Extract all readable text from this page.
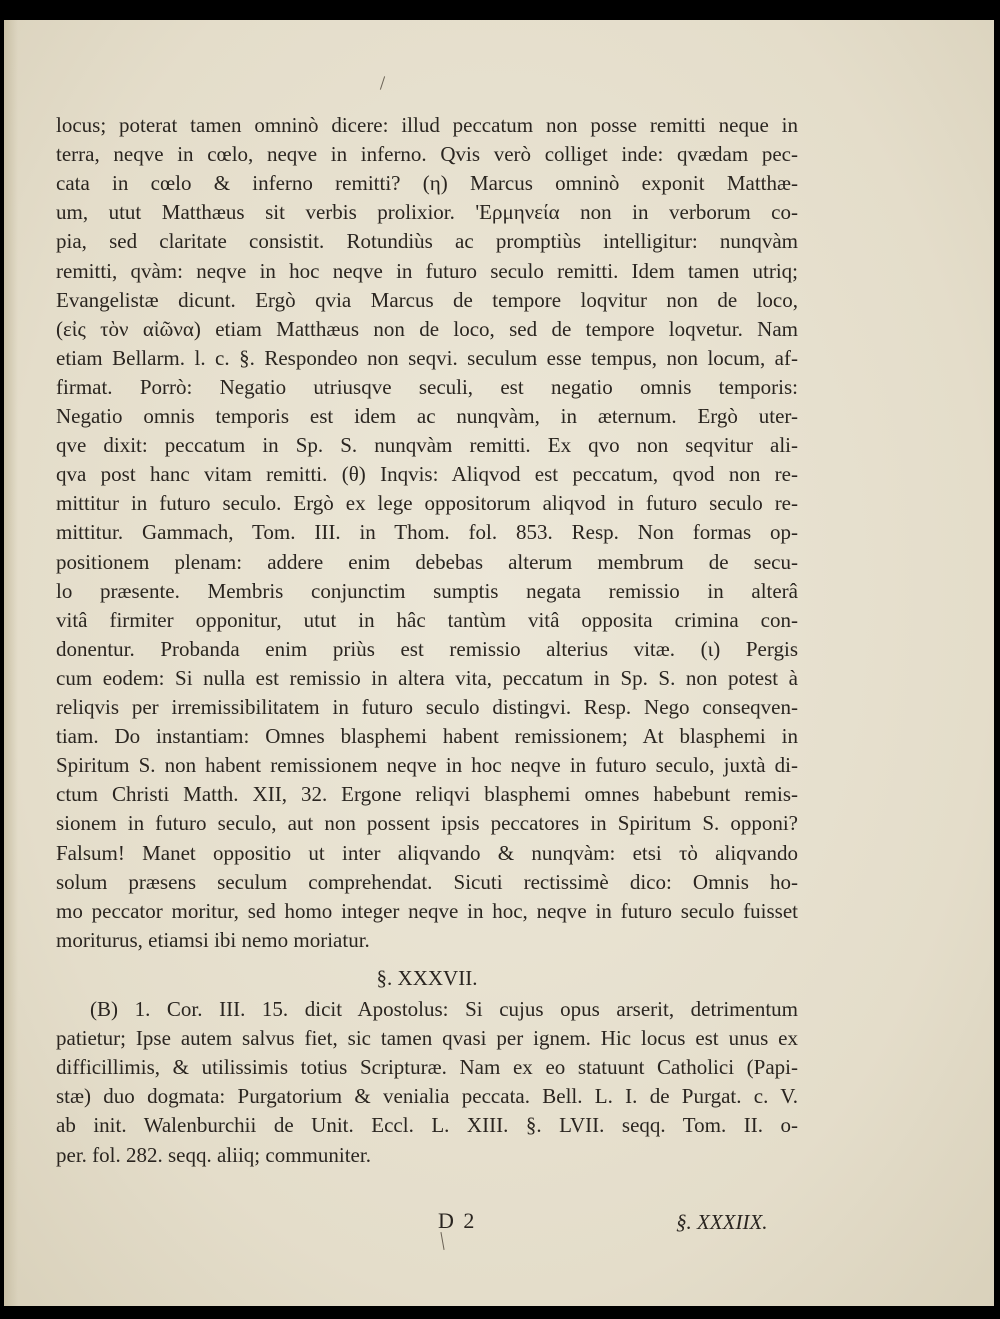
locus; poterat tamen omninò dicere: illud peccatum non posse remitti neque in
terra, neqve in cœlo, neqve in inferno. Qvis verò colliget inde: qvædam pec-
cata in cœlo & inferno remitti? (η) Marcus omninò exponit Matthæ-
um, utut Matthæus sit verbis prolixior. 'Ερμηνεία non in verborum co-
pia, sed claritate consistit. Rotundiùs ac promptiùs intelligitur: nunqvàm
remitti, qvàm: neqve in hoc neqve in futuro seculo remitti. Idem tamen utriq;
Evangelistæ dicunt. Ergò qvia Marcus de tempore loqvitur non de loco,
(εἰς τὸν αἰῶνα) etiam Matthæus non de loco, sed de tempore loqvetur. Nam
etiam Bellarm. l. c. §. Respondeo non seqvi. seculum esse tempus, non locum, af-
firmat. Porrò: Negatio utriusqve seculi, est negatio omnis temporis:
Negatio omnis temporis est idem ac nunqvàm, in æternum. Ergò uter-
qve dixit: peccatum in Sp. S. nunqvàm remitti. Ex qvo non seqvitur ali-
qva post hanc vitam remitti. (θ) Inqvis: Aliqvod est peccatum, qvod non re-
mittitur in futuro seculo. Ergò ex lege oppositorum aliqvod in futuro seculo re-
mittitur. Gammach, Tom. III. in Thom. fol. 853. Resp. Non formas op-
positionem plenam: addere enim debebas alterum membrum de secu-
lo præsente. Membris conjunctim sumptis negata remissio in alterâ
vitâ firmiter opponitur, utut in hâc tantùm vitâ opposita crimina con-
donentur. Probanda enim priùs est remissio alterius vitæ. (ι) Pergis
cum eodem: Si nulla est remissio in altera vita, peccatum in Sp. S. non potest à
reliqvis per irremissibilitatem in futuro seculo distingvi. Resp. Nego conseqven-
tiam. Do instantiam: Omnes blasphemi habent remissionem; At blasphemi in
Spiritum S. non habent remissionem neqve in hoc neqve in futuro seculo, juxtà di-
ctum Christi Matth. XII, 32. Ergone reliqvi blasphemi omnes habebunt remis-
sionem in futuro seculo, aut non possent ipsis peccatores in Spiritum S. opponi?
Falsum! Manet oppositio ut inter aliqvando & nunqvàm: etsi τὸ aliqvando
solum præsens seculum comprehendat. Sicuti rectissimè dico: Omnis ho-
mo peccator moritur, sed homo integer neqve in hoc, neqve in futuro seculo fuisset
moriturus, etiamsi ibi nemo moriatur.
§. XXXVII.
(B) 1. Cor. III. 15. dicit Apostolus: Si cujus opus arserit, detrimentum
patietur; Ipse autem salvus fiet, sic tamen qvasi per ignem. Hic locus est unus ex
difficillimis, & utilissimis totius Scripturæ. Nam ex eo statuunt Catholici (Papi-
stæ) duo dogmata: Purgatorium & venialia peccata. Bell. L. I. de Purgat. c. V.
ab init. Walenburchii de Unit. Eccl. L. XIII. §. LVII. seqq. Tom. II. o-
per. fol. 282. seqq. aliiq; communiter.
D 2	§. XXXIIX.
